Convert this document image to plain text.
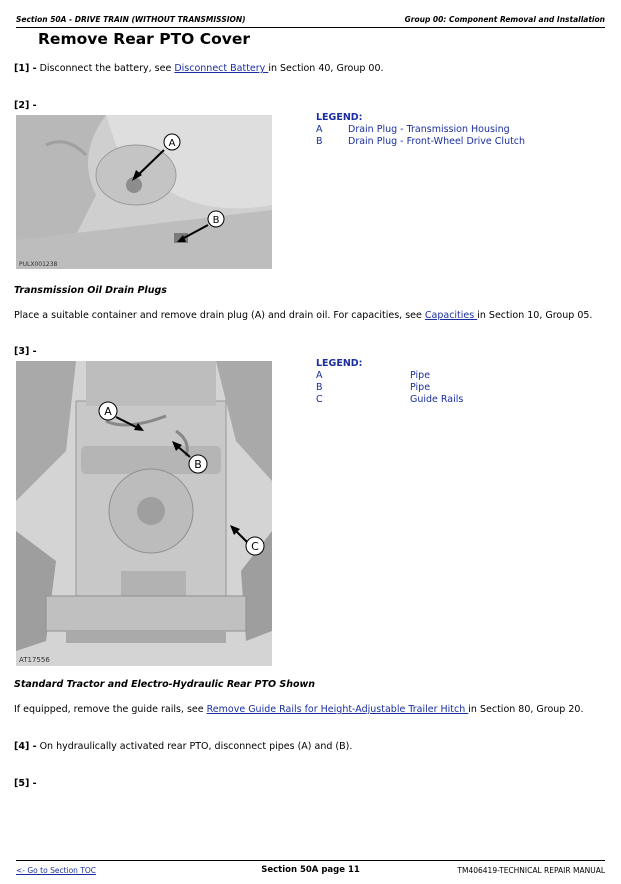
Section 50A - DRIVE TRAIN (WITHOUT TRANSMISSION)	Group 00: Component Removal and Installation
Remove Rear PTO Cover
[1] - Disconnect the battery, see Disconnect Battery in Section 40, Group 00.
[2] -
A
B
PULX001238
LEGEND:
A	Drain Plug - Transmission Housing
B	Drain Plug - Front-Wheel Drive Clutch
Transmission Oil Drain Plugs
Place a suitable container and remove drain plug (A) and drain oil. For capacities, see Capacities in Section 10, Group 05.
[3] -
A
B
C
AT17556
LEGEND:
A	Pipe
B	Pipe
C	Guide Rails
Standard Tractor and Electro-Hydraulic Rear PTO Shown
If equipped, remove the guide rails, see Remove Guide Rails for Height-Adjustable Trailer Hitch in Section 80, Group 20.
[4] - On hydraulically activated rear PTO, disconnect pipes (A) and (B).
[5] -
<- Go to Section TOC	Section 50A page 11	TM406419-TECHNICAL REPAIR MANUAL
